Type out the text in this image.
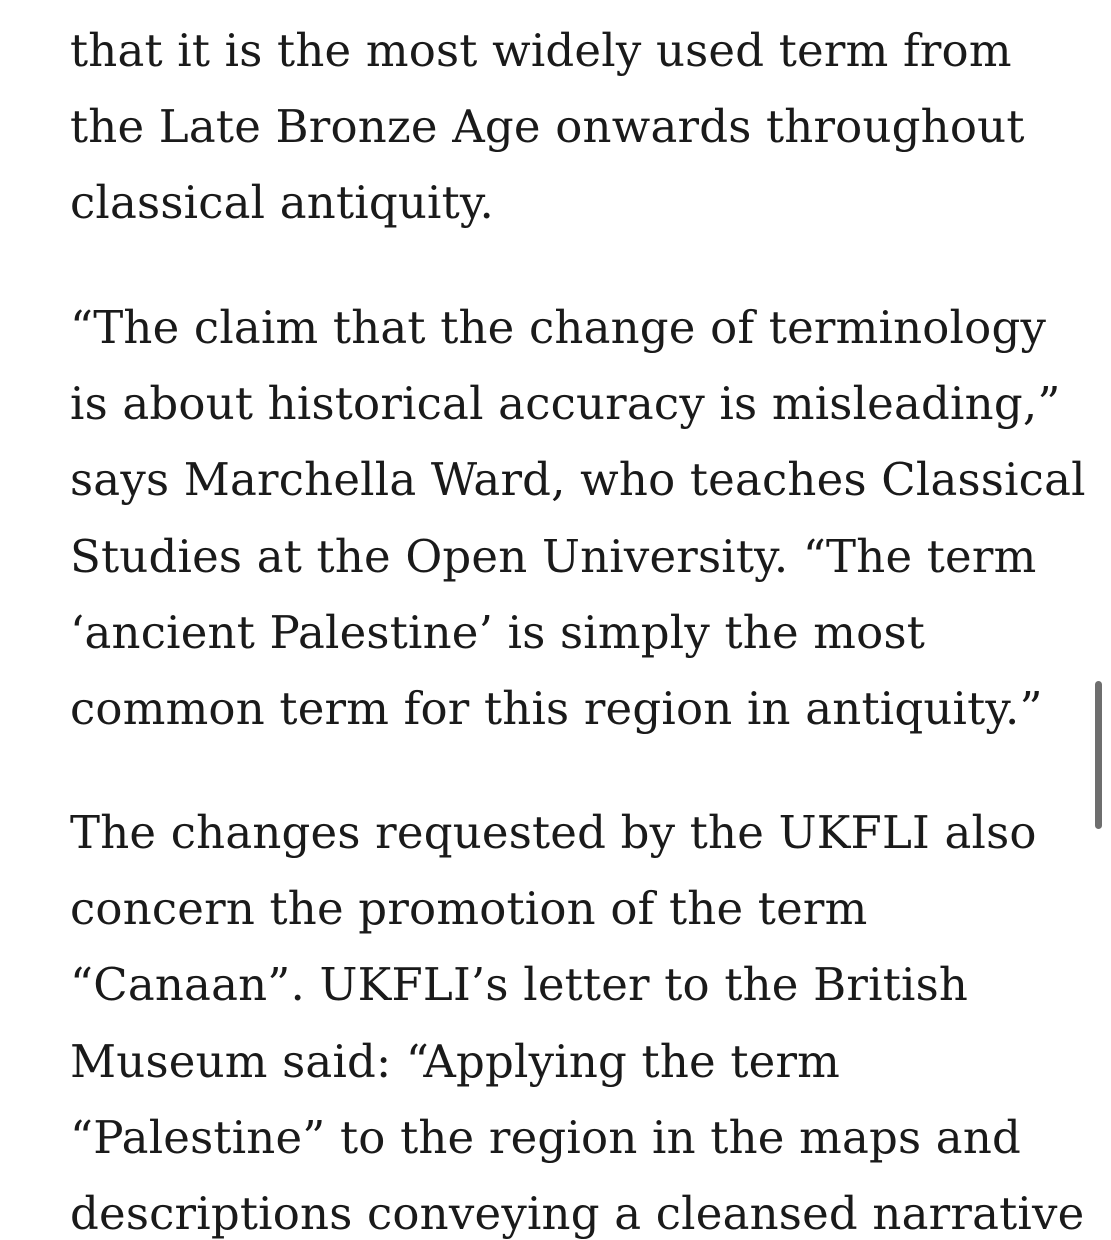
that it is the most widely used term from
the Late Bronze Age onwards throughout
classical antiquity.
“The claim that the change of terminology
is about historical accuracy is misleading,”
says Marchella Ward, who teaches Classical
Studies at the Open University. “The term
‘ancient Palestine’ is simply the most
common term for this region in antiquity.”
The changes requested by the UKFLI also
concern the promotion of the term
“Canaan”. UKFLI’s letter to the British
Museum said: “Applying the term
“Palestine” to the region in the maps and
descriptions conveying a cleansed narrative
